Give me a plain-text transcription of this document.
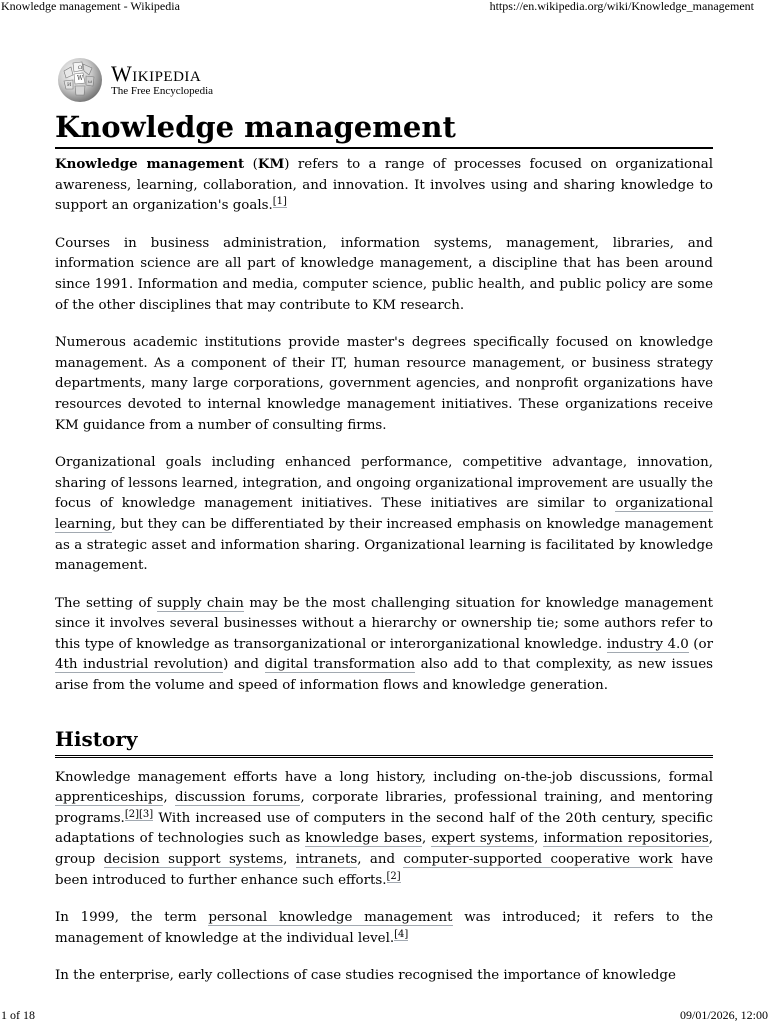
Knowledge management - Wikipedia	https://en.wikipedia.org/wiki/Knowledge_management
W
И	ω
Ω Wikipedia
The Free Encyclopedia
Knowledge management

Knowledge management (KM) refers to a range of processes focused on organizational awareness, learning, collaboration, and innovation. It involves using and sharing knowledge to support an organization's goals.[1]

Courses in business administration, information systems, management, libraries, and information science are all part of knowledge management, a discipline that has been around since 1991. Information and media, computer science, public health, and public policy are some of the other disciplines that may contribute to KM research.

Numerous academic institutions provide master's degrees specifically focused on knowledge management. As a component of their IT, human resource management, or business strategy departments, many large corporations, government agencies, and nonprofit organizations have resources devoted to internal knowledge management initiatives. These organizations receive KM guidance from a number of consulting firms.

Organizational goals including enhanced performance, competitive advantage, innovation, sharing of lessons learned, integration, and ongoing organizational improvement are usually the focus of knowledge management initiatives. These initiatives are similar to organizational learning, but they can be differentiated by their increased emphasis on knowledge management as a strategic asset and information sharing. Organizational learning is facilitated by knowledge management.

The setting of supply chain may be the most challenging situation for knowledge management since it involves several businesses without a hierarchy or ownership tie; some authors refer to this type of knowledge as transorganizational or interorganizational knowledge. industry 4.0 (or 4th industrial revolution) and digital transformation also add to that complexity, as new issues arise from the volume and speed of information flows and knowledge generation.

History

Knowledge management efforts have a long history, including on-the-job discussions, formal apprenticeships, discussion forums, corporate libraries, professional training, and mentoring programs.[2][3] With increased use of computers in the second half of the 20th century, specific adaptations of technologies such as knowledge bases, expert systems, information repositories, group decision support systems, intranets, and computer-supported cooperative work have been introduced to further enhance such efforts.[2]

In 1999, the term personal knowledge management was introduced; it refers to the management of knowledge at the individual level.[4]

In the enterprise, early collections of case studies recognised the importance of knowledge

1 of 18	09/01/2026, 12:00
